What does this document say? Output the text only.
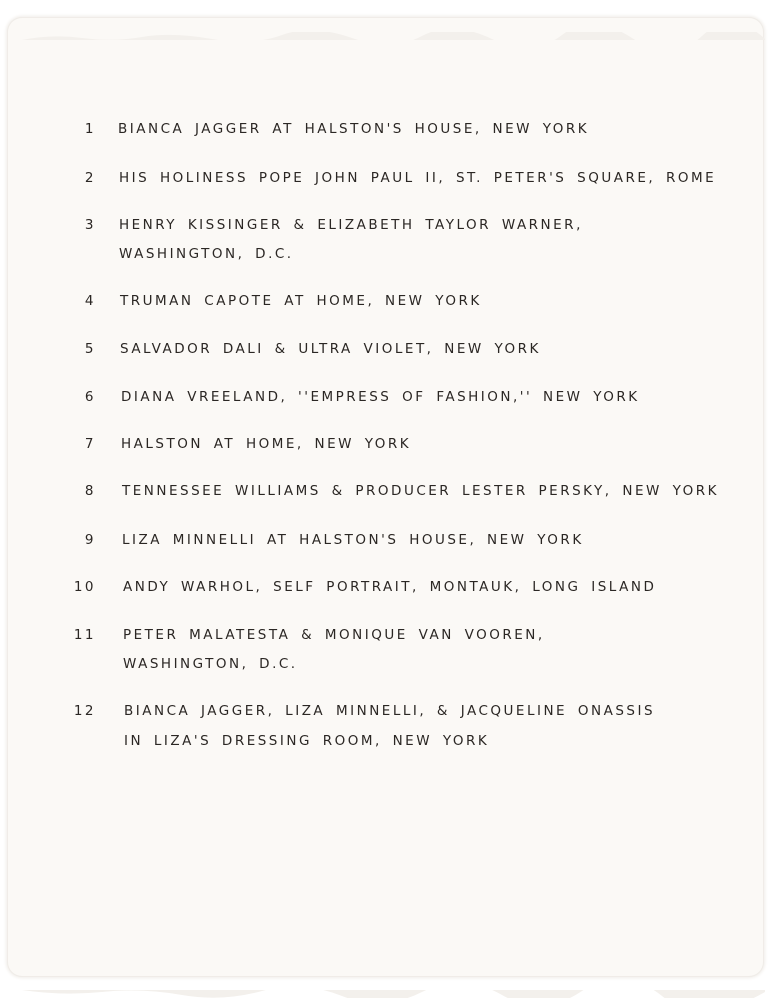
1 BIANCA JAGGER AT HALSTON'S HOUSE, NEW YORK
2 HIS HOLINESS POPE JOHN PAUL II, ST. PETER'S SQUARE, ROME
3 HENRY KISSINGER & ELIZABETH TAYLOR WARNER,
WASHINGTON, D.C.
4 TRUMAN CAPOTE AT HOME, NEW YORK
5 SALVADOR DALI & ULTRA VIOLET, NEW YORK
6 DIANA VREELAND, ''EMPRESS OF FASHION,'' NEW YORK
7 HALSTON AT HOME, NEW YORK
8 TENNESSEE WILLIAMS & PRODUCER LESTER PERSKY, NEW YORK
9 LIZA MINNELLI AT HALSTON'S HOUSE, NEW YORK
10 ANDY WARHOL, SELF PORTRAIT, MONTAUK, LONG ISLAND
11 PETER MALATESTA & MONIQUE VAN VOOREN,
WASHINGTON, D.C.
12 BIANCA JAGGER, LIZA MINNELLI, & JACQUELINE ONASSIS
IN LIZA'S DRESSING ROOM, NEW YORK
